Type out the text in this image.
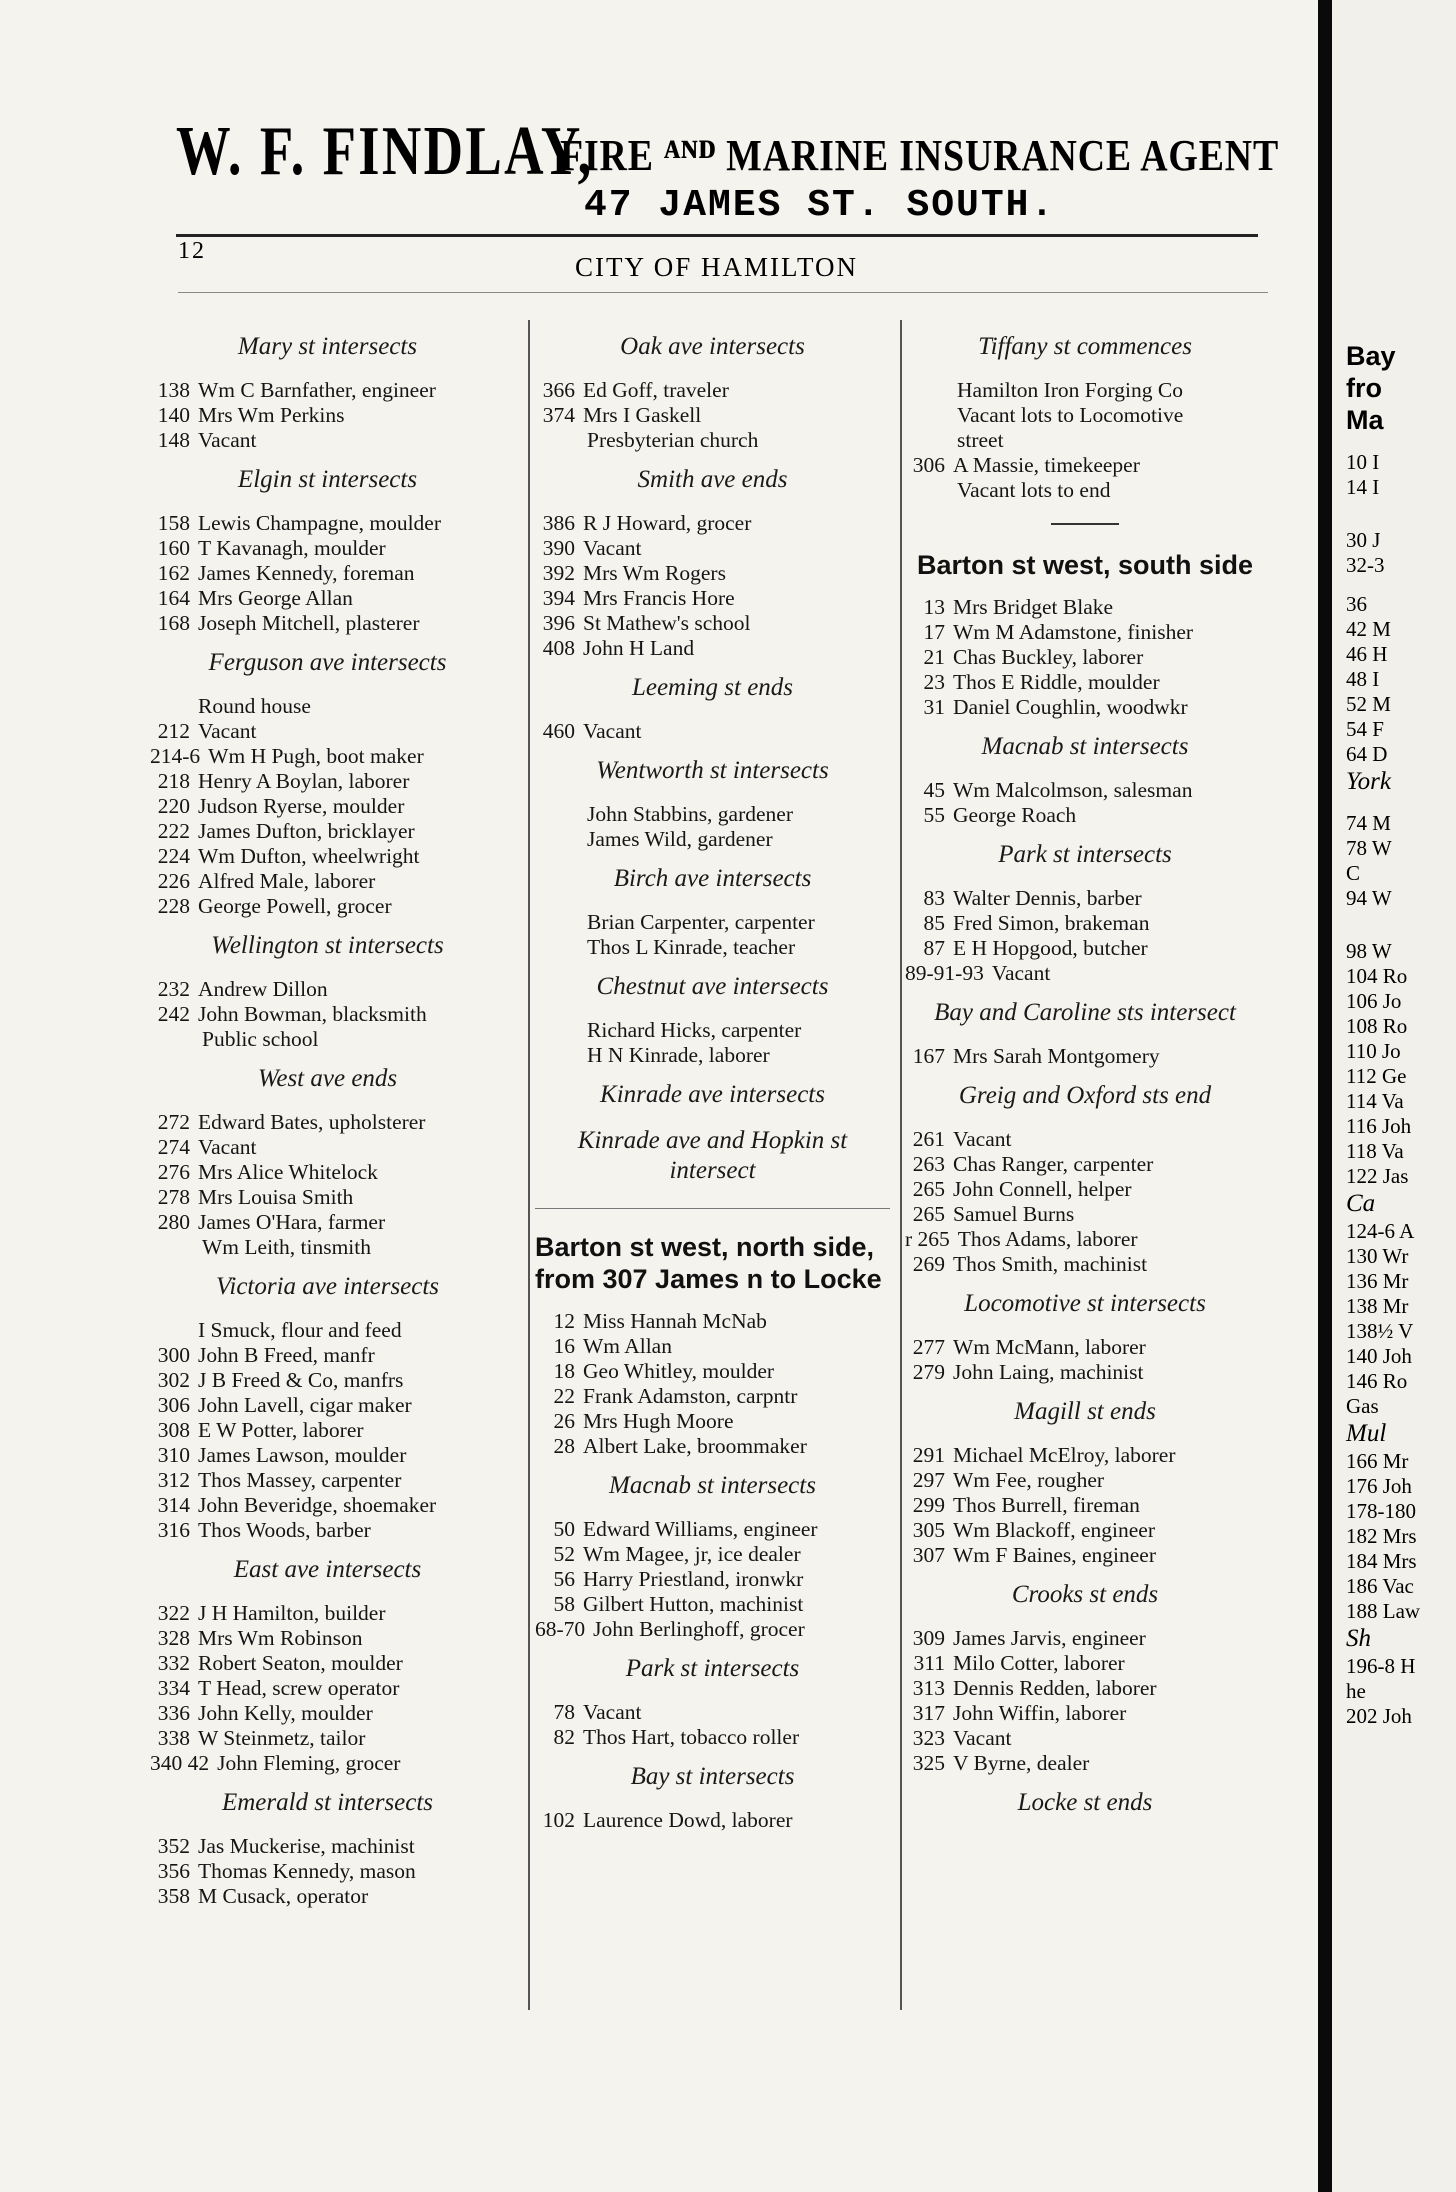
W. F. FINDLAY,
FIRE ᴬᴺᴰ MARINE INSURANCE AGENT
47 JAMES ST. SOUTH.
12
CITY OF HAMILTON
Mary st intersects
138 Wm C Barnfather, engineer
140 Mrs Wm Perkins
148 Vacant
Elgin st intersects
158 Lewis Champagne, moulder
160 T Kavanagh, moulder
162 James Kennedy, foreman
164 Mrs George Allan
168 Joseph Mitchell, plasterer
Ferguson ave intersects
Round house
212 Vacant
214-6 Wm H Pugh, boot maker
218 Henry A Boylan, laborer
220 Judson Ryerse, moulder
222 James Dufton, bricklayer
224 Wm Dufton, wheelwright
226 Alfred Male, laborer
228 George Powell, grocer
Wellington st intersects
232 Andrew Dillon
242 John Bowman, blacksmith
Public school
West ave ends
272 Edward Bates, upholsterer
274 Vacant
276 Mrs Alice Whitelock
278 Mrs Louisa Smith
280 James O'Hara, farmer
Wm Leith, tinsmith
Victoria ave intersects
I Smuck, flour and feed
300 John B Freed, manfr
302 J B Freed & Co, manfrs
306 John Lavell, cigar maker
308 E W Potter, laborer
310 James Lawson, moulder
312 Thos Massey, carpenter
314 John Beveridge, shoemaker
316 Thos Woods, barber
East ave intersects
322 J H Hamilton, builder
328 Mrs Wm Robinson
332 Robert Seaton, moulder
334 T Head, screw operator
336 John Kelly, moulder
338 W Steinmetz, tailor
340 42 John Fleming, grocer
Emerald st intersects
352 Jas Muckerise, machinist
356 Thomas Kennedy, mason
358 M Cusack, operator
Oak ave intersects
366 Ed Goff, traveler
374 Mrs I Gaskell
Presbyterian church
Smith ave ends
386 R J Howard, grocer
390 Vacant
392 Mrs Wm Rogers
394 Mrs Francis Hore
396 St Mathew's school
408 John H Land
Leeming st ends
460 Vacant
Wentworth st intersects
John Stabbins, gardener
James Wild, gardener
Birch ave intersects
Brian Carpenter, carpenter
Thos L Kinrade, teacher
Chestnut ave intersects
Richard Hicks, carpenter
H N Kinrade, laborer
Kinrade ave intersects
Kinrade ave and Hopkin st intersect
Barton st west, north side, from 307 James n to Locke
12 Miss Hannah McNab
16 Wm Allan
18 Geo Whitley, moulder
22 Frank Adamston, carpntr
26 Mrs Hugh Moore
28 Albert Lake, broommaker
Macnab st intersects
50 Edward Williams, engineer
52 Wm Magee, jr, ice dealer
56 Harry Priestland, ironwkr
58 Gilbert Hutton, machinist
68-70 John Berlinghoff, grocer
Park st intersects
78 Vacant
82 Thos Hart, tobacco roller
Bay st intersects
102 Laurence Dowd, laborer
Tiffany st commences
Hamilton Iron Forging Co
Vacant lots to Locomotive
street
306 A Massie, timekeeper
Vacant lots to end
Barton st west, south side
13 Mrs Bridget Blake
17 Wm M Adamstone, finisher
21 Chas Buckley, laborer
23 Thos E Riddle, moulder
31 Daniel Coughlin, woodwkr
Macnab st intersects
45 Wm Malcolmson, salesman
55 George Roach
Park st intersects
83 Walter Dennis, barber
85 Fred Simon, brakeman
87 E H Hopgood, butcher
89-91-93 Vacant
Bay and Caroline sts intersect
167 Mrs Sarah Montgomery
Greig and Oxford sts end
261 Vacant
263 Chas Ranger, carpenter
265 John Connell, helper
265 Samuel Burns
r 265 Thos Adams, laborer
269 Thos Smith, machinist
Locomotive st intersects
277 Wm McMann, laborer
279 John Laing, machinist
Magill st ends
291 Michael McElroy, laborer
297 Wm Fee, rougher
299 Thos Burrell, fireman
305 Wm Blackoff, engineer
307 Wm F Baines, engineer
Crooks st ends
309 James Jarvis, engineer
311 Milo Cotter, laborer
313 Dennis Redden, laborer
317 John Wiffin, laborer
323 Vacant
325 V Byrne, dealer
Locke st ends
Bay
fro
Ma
10 I
14 I
30 J
32-3
36
42 M
46 H
48 I
52 M
54 F
64 D
York
74 M
78 W
C
94 W
98 W
104 Ro
106 Jo
108 Ro
110 Jo
112 Ge
114 Va
116 Joh
118 Va
122 Jas
Ca
124-6 A
130 Wr
136 Mr
138 Mr
138½ V
140 Joh
146 Ro
Gas
Mul
166 Mr
176 Joh
178-180
182 Mrs
184 Mrs
186 Vac
188 Law
Sh
196-8 H
he
202 Joh
